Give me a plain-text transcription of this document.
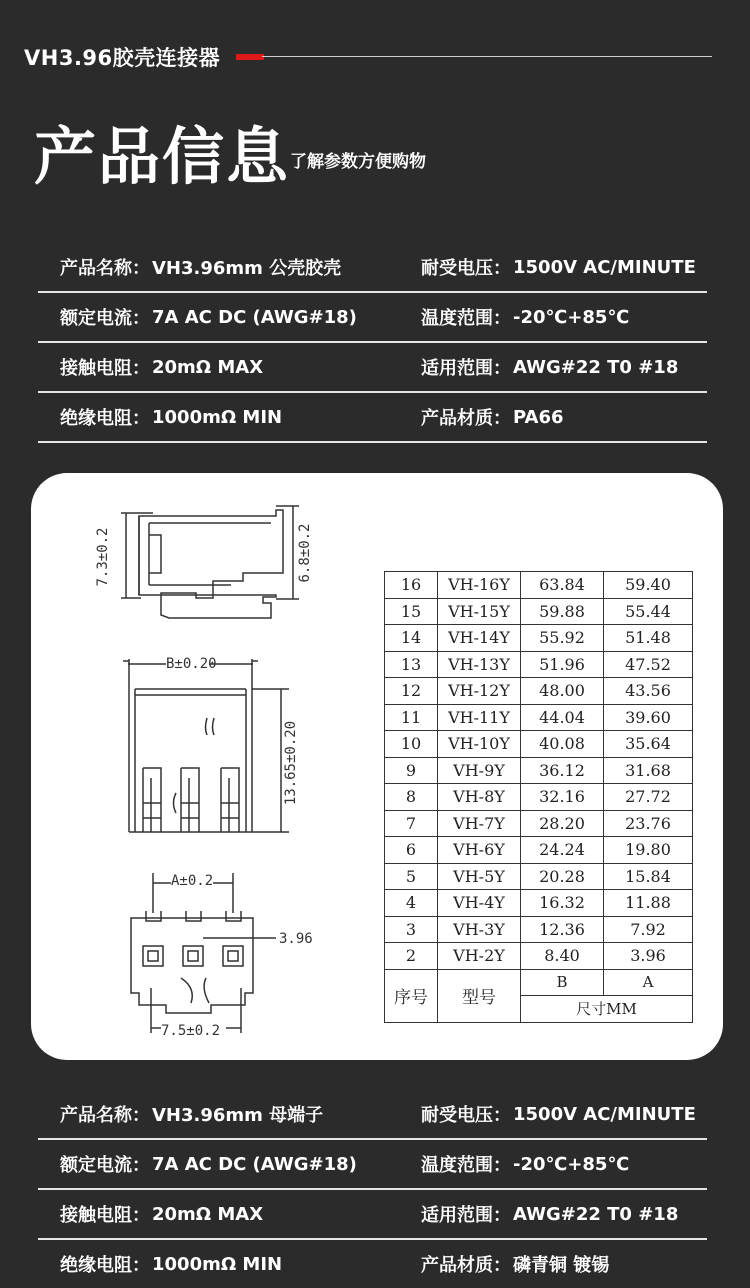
VH3.96胶壳连接器
产品信息 了解参数方便购物
产品名称： VH3.96mm 公壳胶壳	耐受电压： 1500V AC/MINUTE
额定电流： 7A AC DC (AWG#18)	温度范围： -20℃+85℃
接触电阻： 20mΩ MAX	适用范围： AWG#22 T0 #18
绝缘电阻： 1000mΩ MIN	产品材质： PA66
7.3±0.2	6.8±0.2
B±0.20
13.65±0.20
A±0.2
3.96
7.5±0.2
16	VH-16Y	63.84	59.40
15	VH-15Y	59.88	55.44
14	VH-14Y	55.92	51.48
13	VH-13Y	51.96	47.52
12	VH-12Y	48.00	43.56
11	VH-11Y	44.04	39.60
10	VH-10Y	40.08	35.64
9	VH-9Y	36.12	31.68
8	VH-8Y	32.16	27.72
7	VH-7Y	28.20	23.76
6	VH-6Y	24.24	19.80
5	VH-5Y	20.28	15.84
4	VH-4Y	16.32	11.88
3	VH-3Y	12.36	7.92
2	VH-2Y	8.40	3.96
序号	型号	B	A
		尺寸MM	
产品名称： VH3.96mm 母端子	耐受电压： 1500V AC/MINUTE
额定电流： 7A AC DC (AWG#18)	温度范围： -20℃+85℃
接触电阻： 20mΩ MAX	适用范围： AWG#22 T0 #18
绝缘电阻： 1000mΩ MIN	产品材质： 磷青铜 镀锡
